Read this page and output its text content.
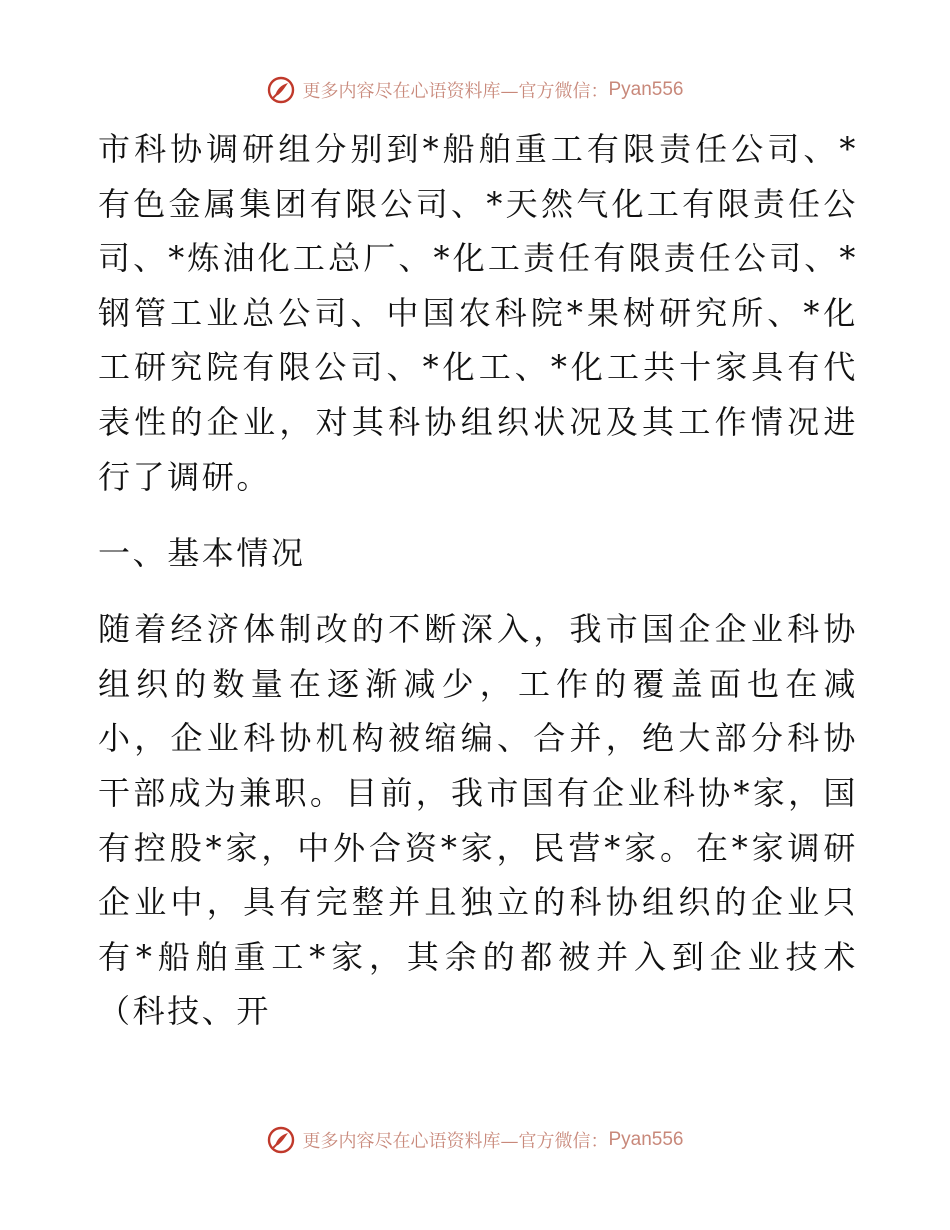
更多内容尽在心语资料库—官方微信： Pyan556

市科协调研组分别到*船舶重工有限责任公司、*有色金属集团有限公司、*天然气化工有限责任公司、*炼油化工总厂、*化工责任有限责任公司、*钢管工业总公司、中国农科院*果树研究所、*化工研究院有限公司、*化工、*化工共十家具有代表性的企业，对其科协组织状况及其工作情况进行了调研。

一、基本情况

随着经济体制改的不断深入，我市国企企业科协组织的数量在逐渐减少，工作的覆盖面也在减小，企业科协机构被缩编、合并，绝大部分科协干部成为兼职。目前，我市国有企业科协*家，国有控股*家，中外合资*家，民营*家。在*家调研企业中，具有完整并且独立的科协组织的企业只有*船舶重工*家，其余的都被并入到企业技术（科技、开

更多内容尽在心语资料库—官方微信： Pyan556
